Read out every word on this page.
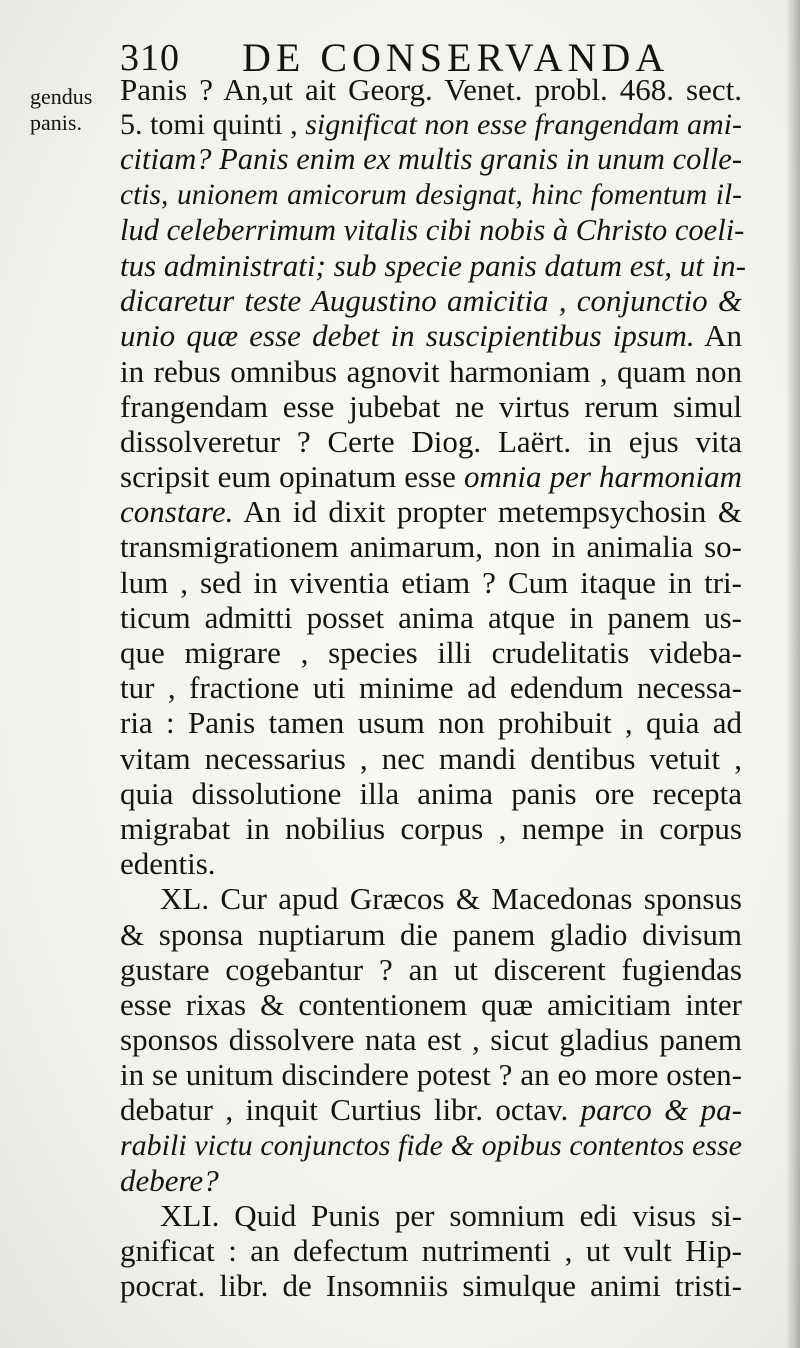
310 DE CONSERVANDA
gendus
panis.
Panis ? An,ut ait Georg. Venet. probl. 468. sect.
5. tomi quinti , significat non esse frangendam ami-
citiam? Panis enim ex multis granis in unum colle-
ctis, unionem amicorum designat, hinc fomentum il-
lud celeberrimum vitalis cibi nobis à Christo coeli-
tus administrati; sub specie panis datum est, ut in-
dicaretur teste Augustino amicitia , conjunctio &
unio quæ esse debet in suscipientibus ipsum. An
in rebus omnibus agnovit harmoniam , quam non
frangendam esse jubebat ne virtus rerum simul
dissolveretur ? Certe Diog. Laërt. in ejus vita
scripsit eum opinatum esse omnia per harmoniam
constare. An id dixit propter metempsychosin &
transmigrationem animarum, non in animalia so-
lum , sed in viventia etiam ? Cum itaque in tri-
ticum admitti posset anima atque in panem us-
que migrare , species illi crudelitatis videba-
tur , fractione uti minime ad edendum necessa-
ria : Panis tamen usum non prohibuit , quia ad
vitam necessarius , nec mandi dentibus vetuit ,
quia dissolutione illa anima panis ore recepta
migrabat in nobilius corpus , nempe in corpus
edentis.
XL. Cur apud Græcos & Macedonas sponsus
& sponsa nuptiarum die panem gladio divisum
gustare cogebantur ? an ut discerent fugiendas
esse rixas & contentionem quæ amicitiam inter
sponsos dissolvere nata est , sicut gladius panem
in se unitum discindere potest ? an eo more osten-
debatur , inquit Curtius libr. octav. parco & pa-
rabili victu conjunctos fide & opibus contentos esse
debere?
XLI. Quid Punis per somnium edi visus si-
gnificat : an defectum nutrimenti , ut vult Hip-
pocrat. libr. de Insomniis simulque animi tristi-
